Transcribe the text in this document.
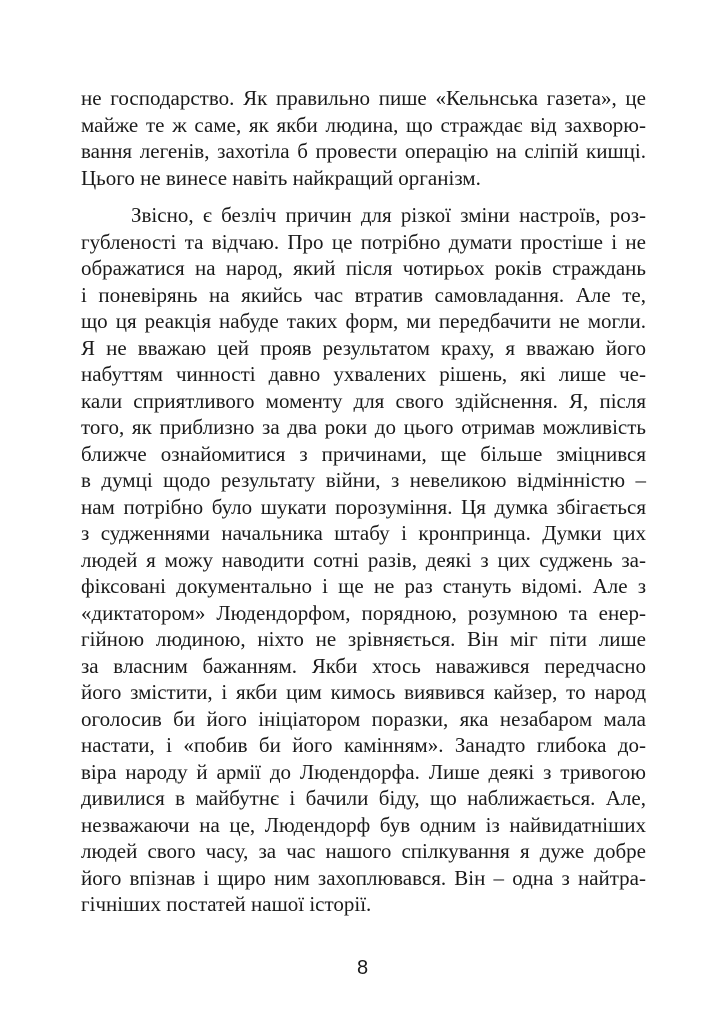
не господарство. Як правильно пише «Кельнська газета», це
майже те ж саме, як якби людина, що страждає від захворю-
вання легенів, захотіла б провести операцію на сліпій кишці.
Цього не винесе навіть найкращий організм.
Звісно, є безліч причин для різкої зміни настроїв, роз-
губленості та відчаю. Про це потрібно думати простіше і не
ображатися на народ, який після чотирьох років страждань
і поневірянь на якийсь час втратив самовладання. Але те,
що ця реакція набуде таких форм, ми передбачити не могли.
Я не вважаю цей прояв результатом краху, я вважаю його
набуттям чинності давно ухвалених рішень, які лише че-
кали сприятливого моменту для свого здійснення. Я, після
того, як приблизно за два роки до цього отримав можливість
ближче ознайомитися з причинами, ще більше зміцнився
в думці щодо результату війни, з невеликою відмінністю –
нам потрібно було шукати порозуміння. Ця думка збігається
з судженнями начальника штабу і кронпринца. Думки цих
людей я можу наводити сотні разів, деякі з цих суджень за-
фіксовані документально і ще не раз стануть відомі. Але з
«диктатором» Людендорфом, порядною, розумною та енер-
гійною людиною, ніхто не зрівняється. Він міг піти лише
за власним бажанням. Якби хтось наважився передчасно
його змістити, і якби цим кимось виявився кайзер, то народ
оголосив би його ініціатором поразки, яка незабаром мала
настати, і «побив би його камінням». Занадто глибока до-
віра народу й армії до Людендорфа. Лише деякі з тривогою
дивилися в майбутнє і бачили біду, що наближається. Але,
незважаючи на це, Людендорф був одним із найвидатніших
людей свого часу, за час нашого спілкування я дуже добре
його впізнав і щиро ним захоплювався. Він – одна з найтра-
гічніших постатей нашої історії.
8
